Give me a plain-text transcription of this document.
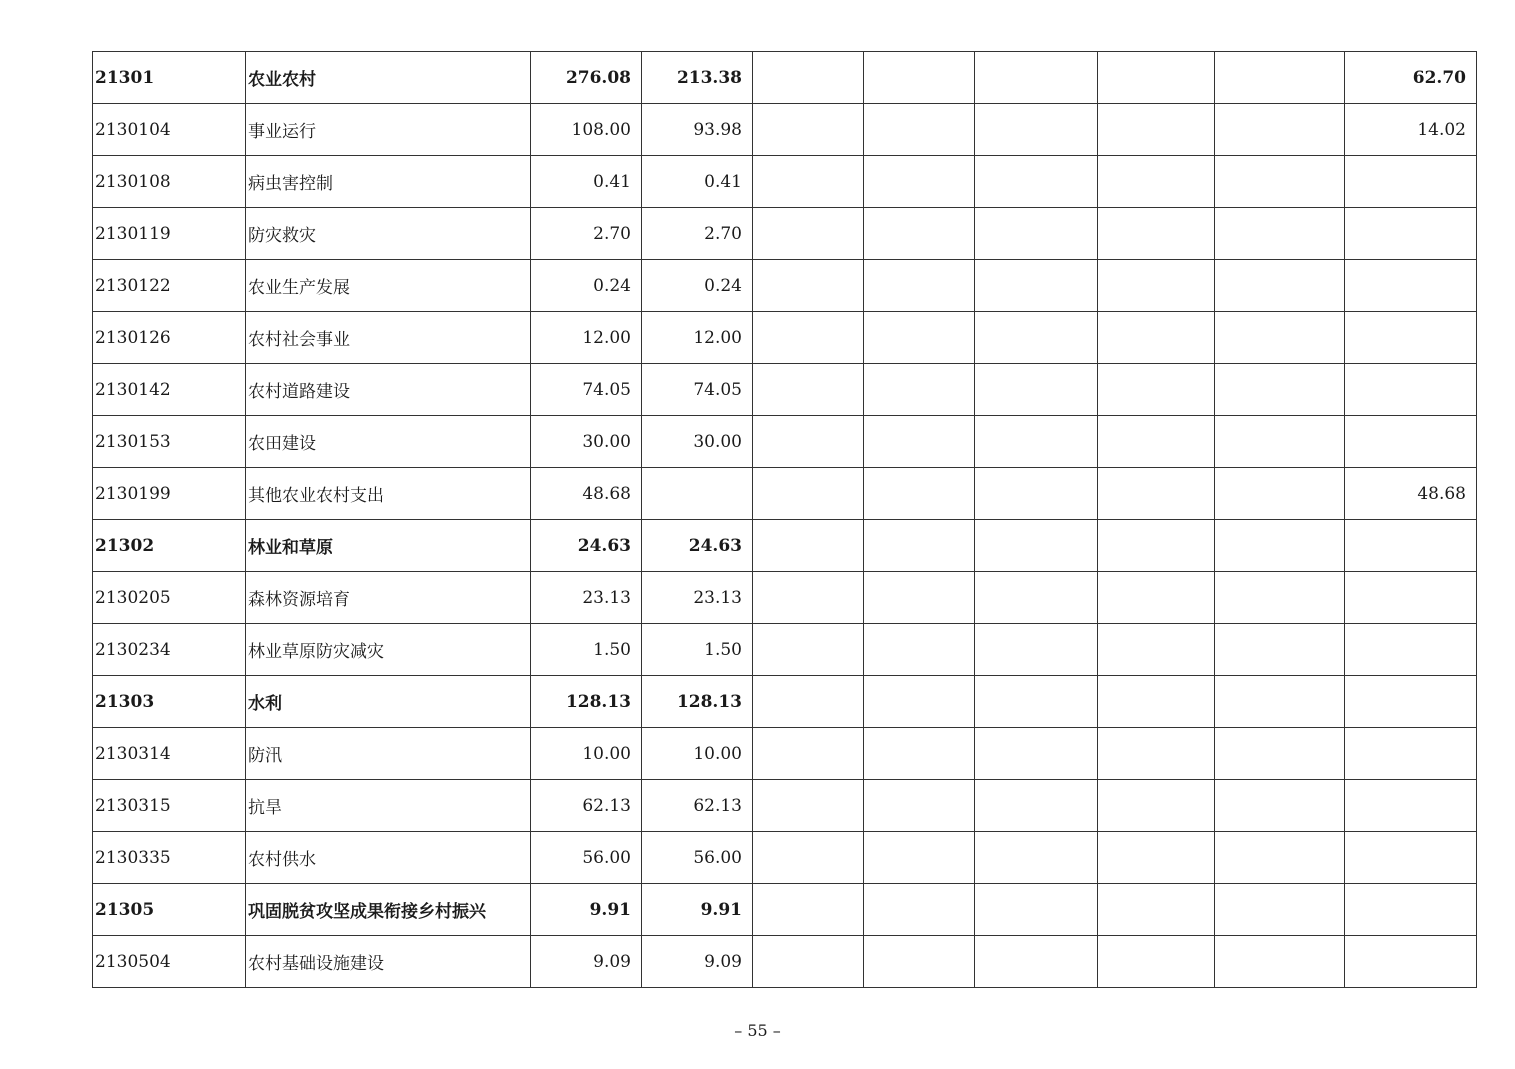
21301	农业农村	276.08	213.38						62.70
2130104	事业运行	108.00	93.98						14.02
2130108	病虫害控制	0.41	0.41						
2130119	防灾救灾	2.70	2.70						
2130122	农业生产发展	0.24	0.24						
2130126	农村社会事业	12.00	12.00						
2130142	农村道路建设	74.05	74.05						
2130153	农田建设	30.00	30.00						
2130199	其他农业农村支出	48.68							48.68
21302	林业和草原	24.63	24.63						
2130205	森林资源培育	23.13	23.13						
2130234	林业草原防灾减灾	1.50	1.50						
21303	水利	128.13	128.13						
2130314	防汛	10.00	10.00						
2130315	抗旱	62.13	62.13						
2130335	农村供水	56.00	56.00						
21305	巩固脱贫攻坚成果衔接乡村振兴	9.91	9.91						
2130504	农村基础设施建设	9.09	9.09						
– 55 –
